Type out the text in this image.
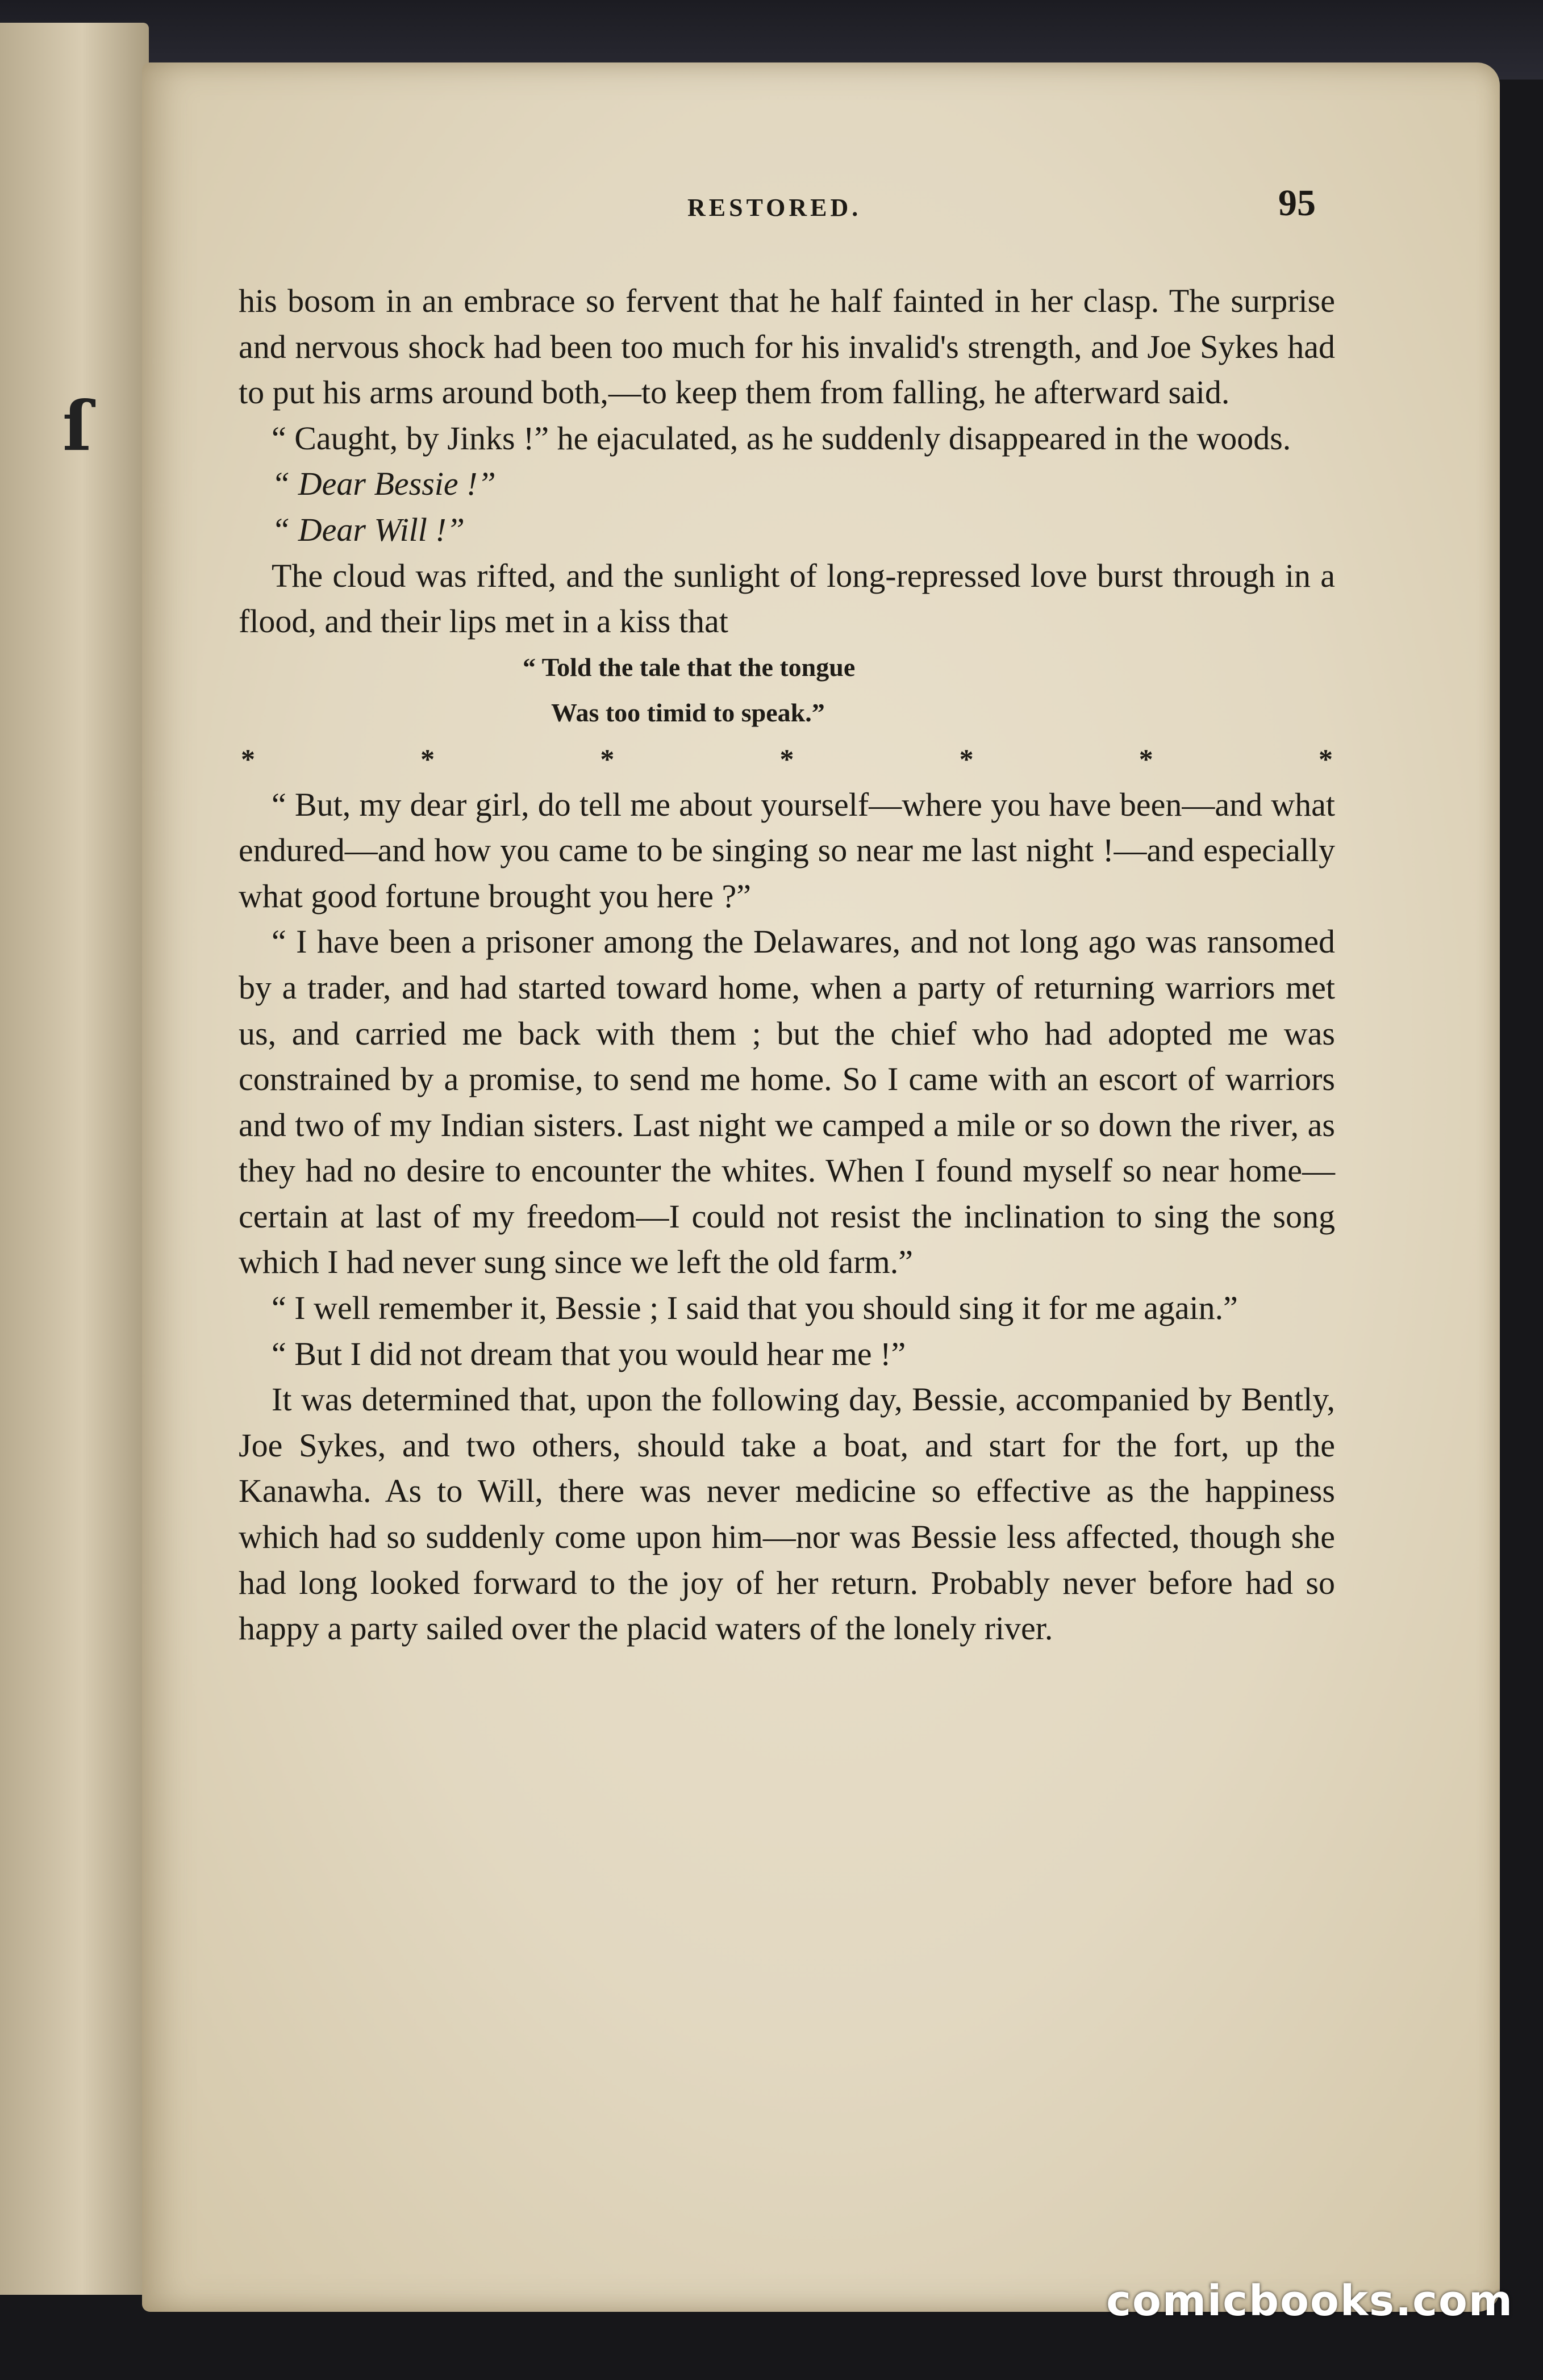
ſ
RESTORED.	95

his bosom in an embrace so fervent that he half fainted in her clasp. The surprise and nervous shock had been too much for his invalid's strength, and Joe Sykes had to put his arms around both,—to keep them from falling, he afterward said.

“ Caught, by Jinks !” he ejaculated, as he suddenly disappeared in the woods.

“ Dear Bessie !”

“ Dear Will !”

The cloud was rifted, and the sunlight of long-repressed love burst through in a flood, and their lips met in a kiss that

“ Told the tale that the tongue
Was too timid to speak.”
*	*	*	*	*	*	*

“ But, my dear girl, do tell me about yourself—where you have been—and what endured—and how you came to be singing so near me last night !—and especially what good fortune brought you here ?”

“ I have been a prisoner among the Delawares, and not long ago was ransomed by a trader, and had started toward home, when a party of returning warriors met us, and carried me back with them ; but the chief who had adopted me was constrained by a promise, to send me home. So I came with an escort of warriors and two of my Indian sisters. Last night we camped a mile or so down the river, as they had no desire to encounter the whites. When I found myself so near home—certain at last of my freedom—I could not resist the inclination to sing the song which I had never sung since we left the old farm.”

“ I well remember it, Bessie ; I said that you should sing it for me again.”

“ But I did not dream that you would hear me !”

It was determined that, upon the following day, Bessie, accompanied by Bently, Joe Sykes, and two others, should take a boat, and start for the fort, up the Kanawha. As to Will, there was never medicine so effective as the happiness which had so suddenly come upon him—nor was Bessie less affected, though she had long looked forward to the joy of her return. Probably never before had so happy a party sailed over the placid waters of the lonely river.

comicbooks.com
